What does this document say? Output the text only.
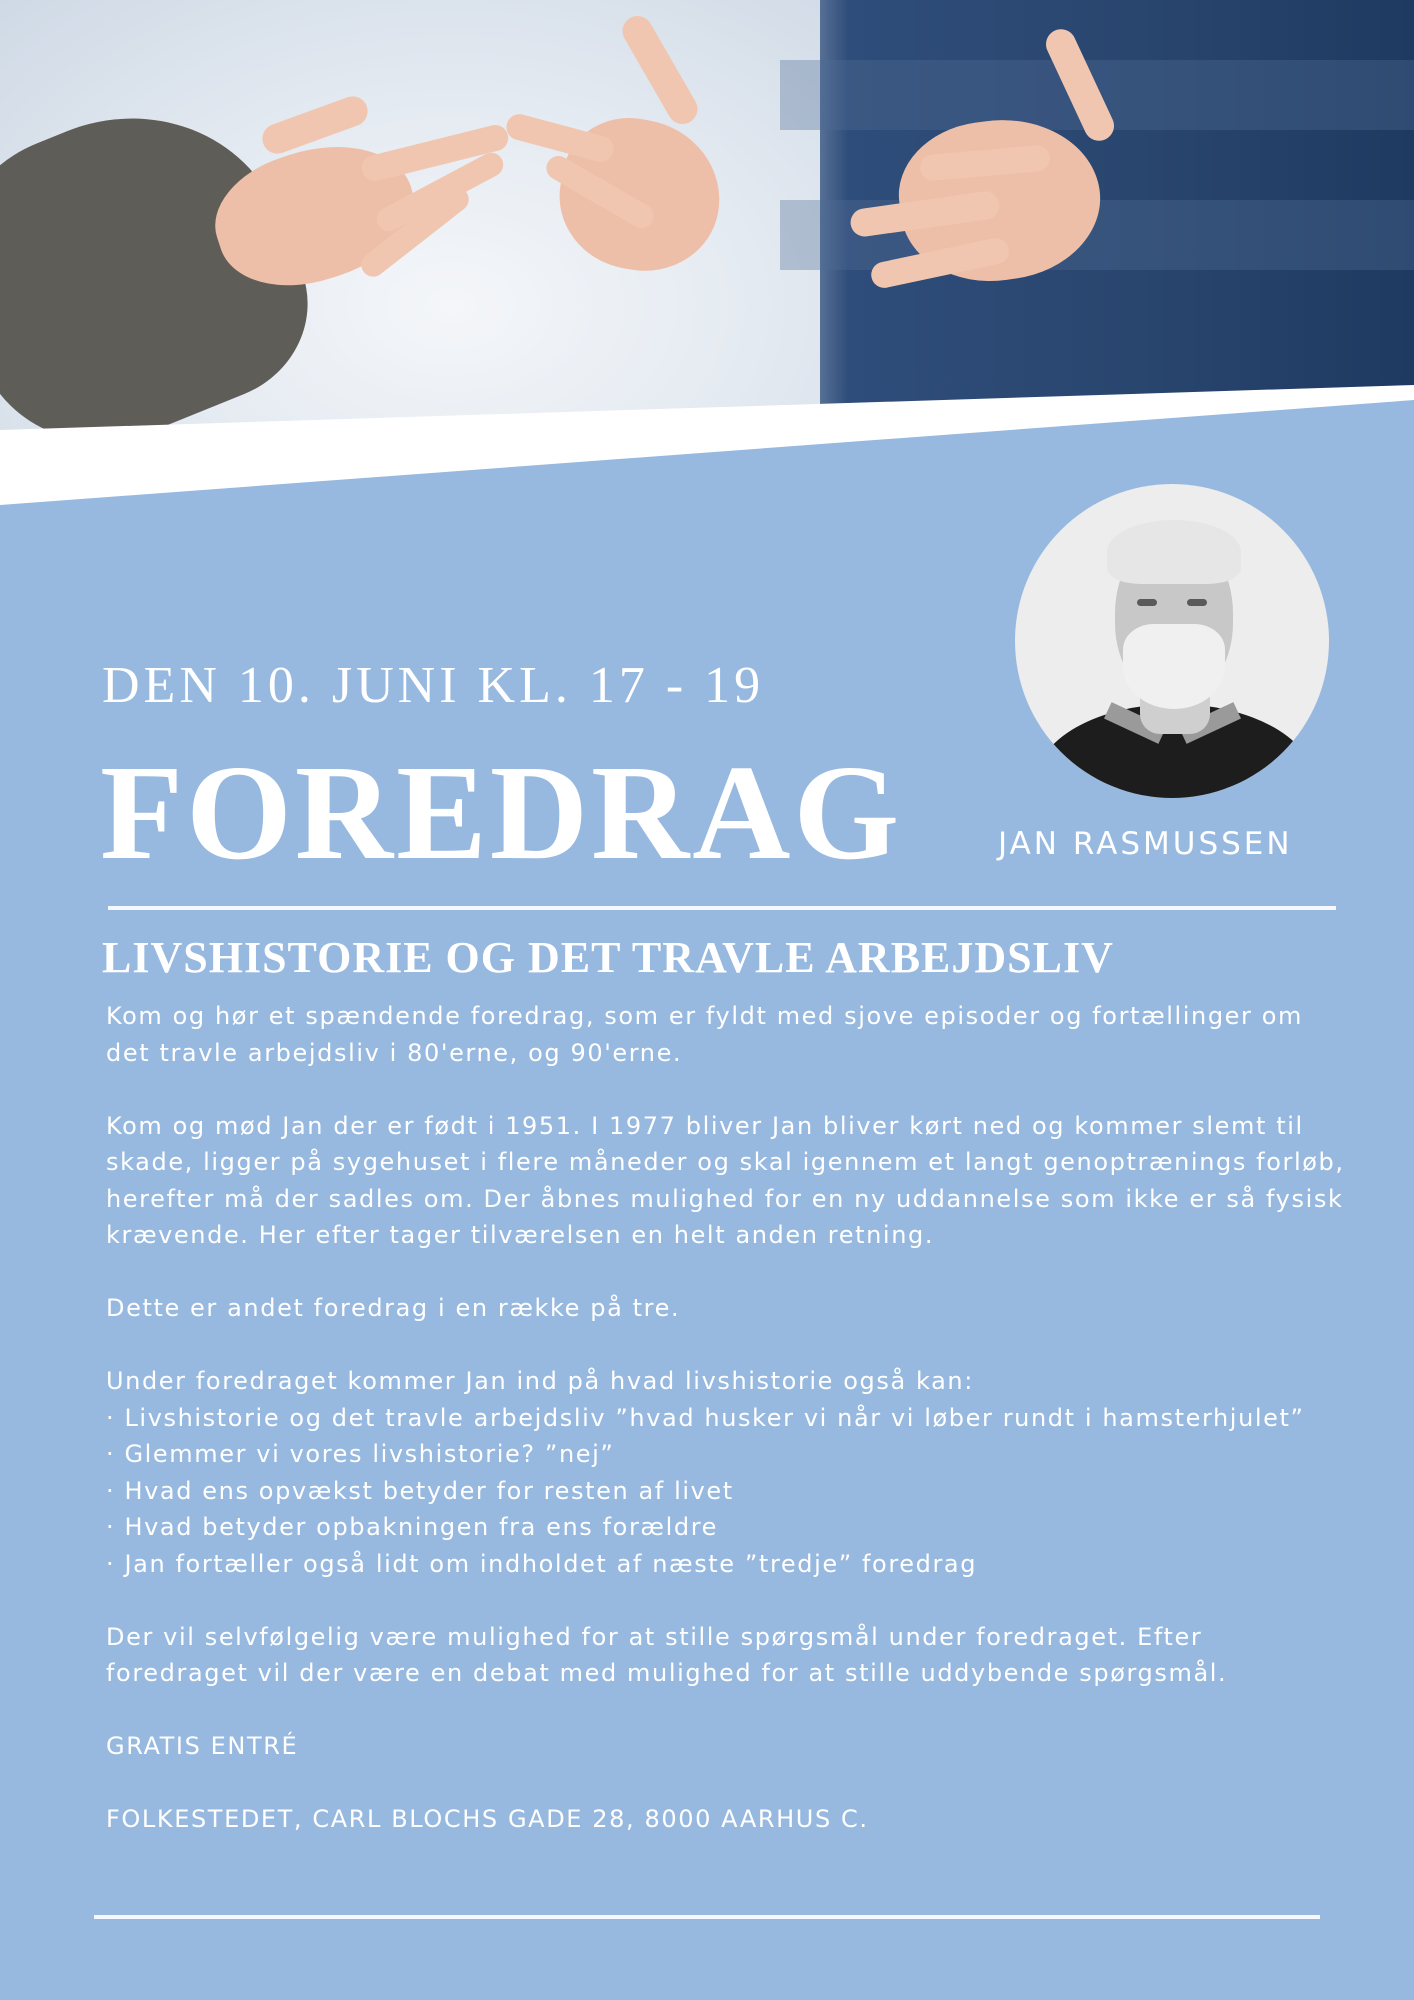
DEN 10. JUNI KL. 17 - 19
FOREDRAG	JAN RASMUSSEN
LIVSHISTORIE OG DET TRAVLE ARBEJDSLIV

Kom og hør et spændende foredrag, som er fyldt med sjove episoder og fortællinger om det travle arbejdsliv i 80'erne, og 90'erne.

Kom og mød Jan der er født i 1951. I 1977 bliver Jan bliver kørt ned og kommer slemt til skade, ligger på sygehuset i flere måneder og skal igennem et langt genoptrænings forløb, herefter må der sadles om. Der åbnes mulighed for en ny uddannelse som ikke er så fysisk krævende. Her efter tager tilværelsen en helt anden retning.

Dette er andet foredrag i en række på tre.

Under foredraget kommer Jan ind på hvad livshistorie også kan:

· Livshistorie og det travle arbejdsliv ”hvad husker vi når vi løber rundt i hamsterhjulet”
· Glemmer vi vores livshistorie? ”nej”
· Hvad ens opvækst betyder for resten af livet
· Hvad betyder opbakningen fra ens forældre
· Jan fortæller også lidt om indholdet af næste ”tredje” foredrag

Der vil selvfølgelig være mulighed for at stille spørgsmål under foredraget. Efter foredraget vil der være en debat med mulighed for at stille uddybende spørgsmål.

GRATIS ENTRÉ

FOLKESTEDET, CARL BLOCHS GADE 28, 8000 AARHUS C.
